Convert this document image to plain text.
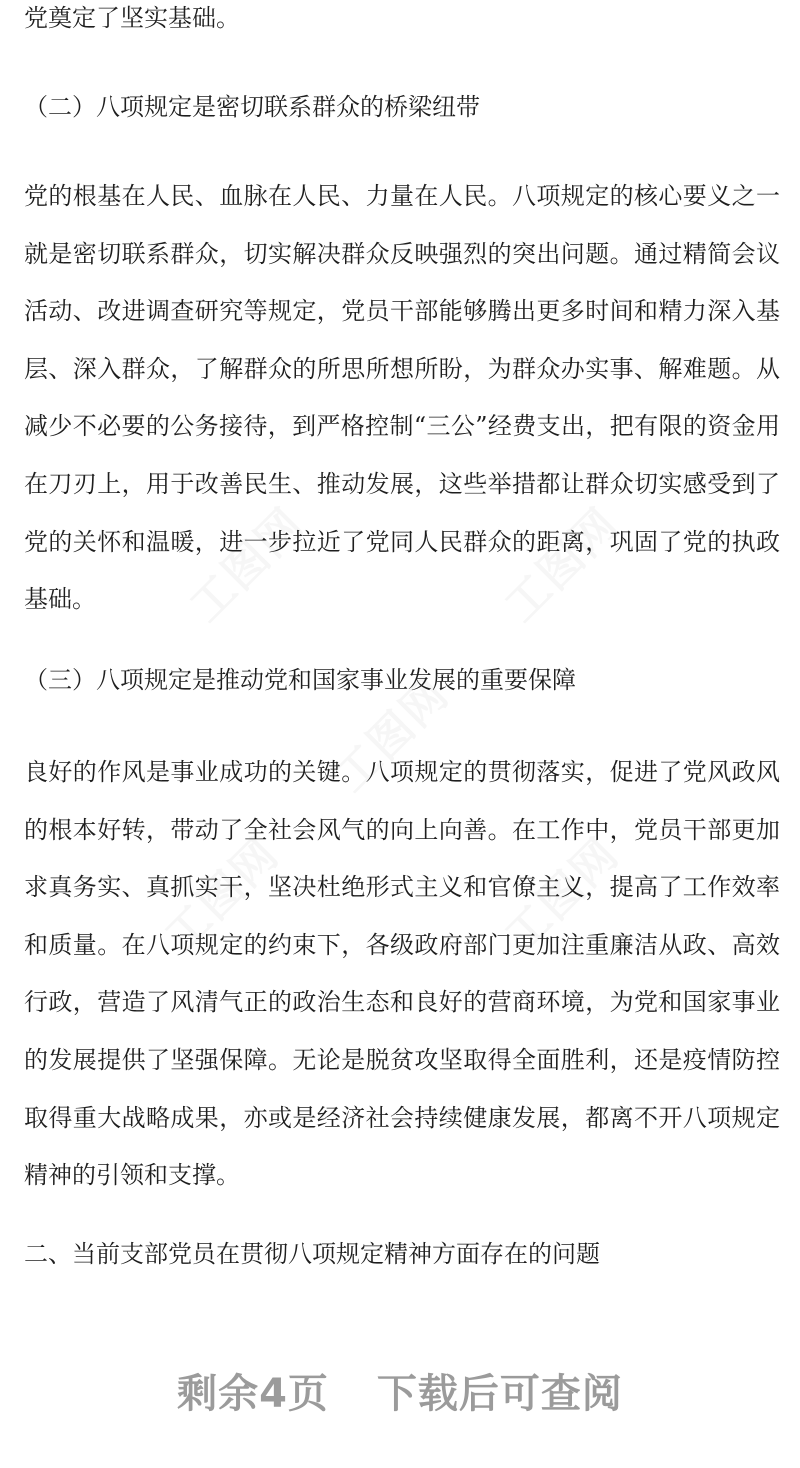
工图网	工图网
工图网
工图网	工图网

党奠定了坚实基础。

（二）八项规定是密切联系群众的桥梁纽带

党的根基在人民、血脉在人民、力量在人民。八项规定的核心要义之一就是密切联系群众，切实解决群众反映强烈的突出问题。通过精简会议活动、改进调查研究等规定，党员干部能够腾出更多时间和精力深入基层、深入群众，了解群众的所思所想所盼，为群众办实事、解难题。从减少不必要的公务接待，到严格控制“三公”经费支出，把有限的资金用在刀刃上，用于改善民生、推动发展，这些举措都让群众切实感受到了党的关怀和温暖，进一步拉近了党同人民群众的距离，巩固了党的执政基础。

（三）八项规定是推动党和国家事业发展的重要保障

良好的作风是事业成功的关键。八项规定的贯彻落实，促进了党风政风的根本好转，带动了全社会风气的向上向善。在工作中，党员干部更加求真务实、真抓实干，坚决杜绝形式主义和官僚主义，提高了工作效率和质量。在八项规定的约束下，各级政府部门更加注重廉洁从政、高效行政，营造了风清气正的政治生态和良好的营商环境，为党和国家事业的发展提供了坚强保障。无论是脱贫攻坚取得全面胜利，还是疫情防控取得重大战略成果，亦或是经济社会持续健康发展，都离不开八项规定精神的引领和支撑。

二、当前支部党员在贯彻八项规定精神方面存在的问题

剩余4页 下载后可查阅
